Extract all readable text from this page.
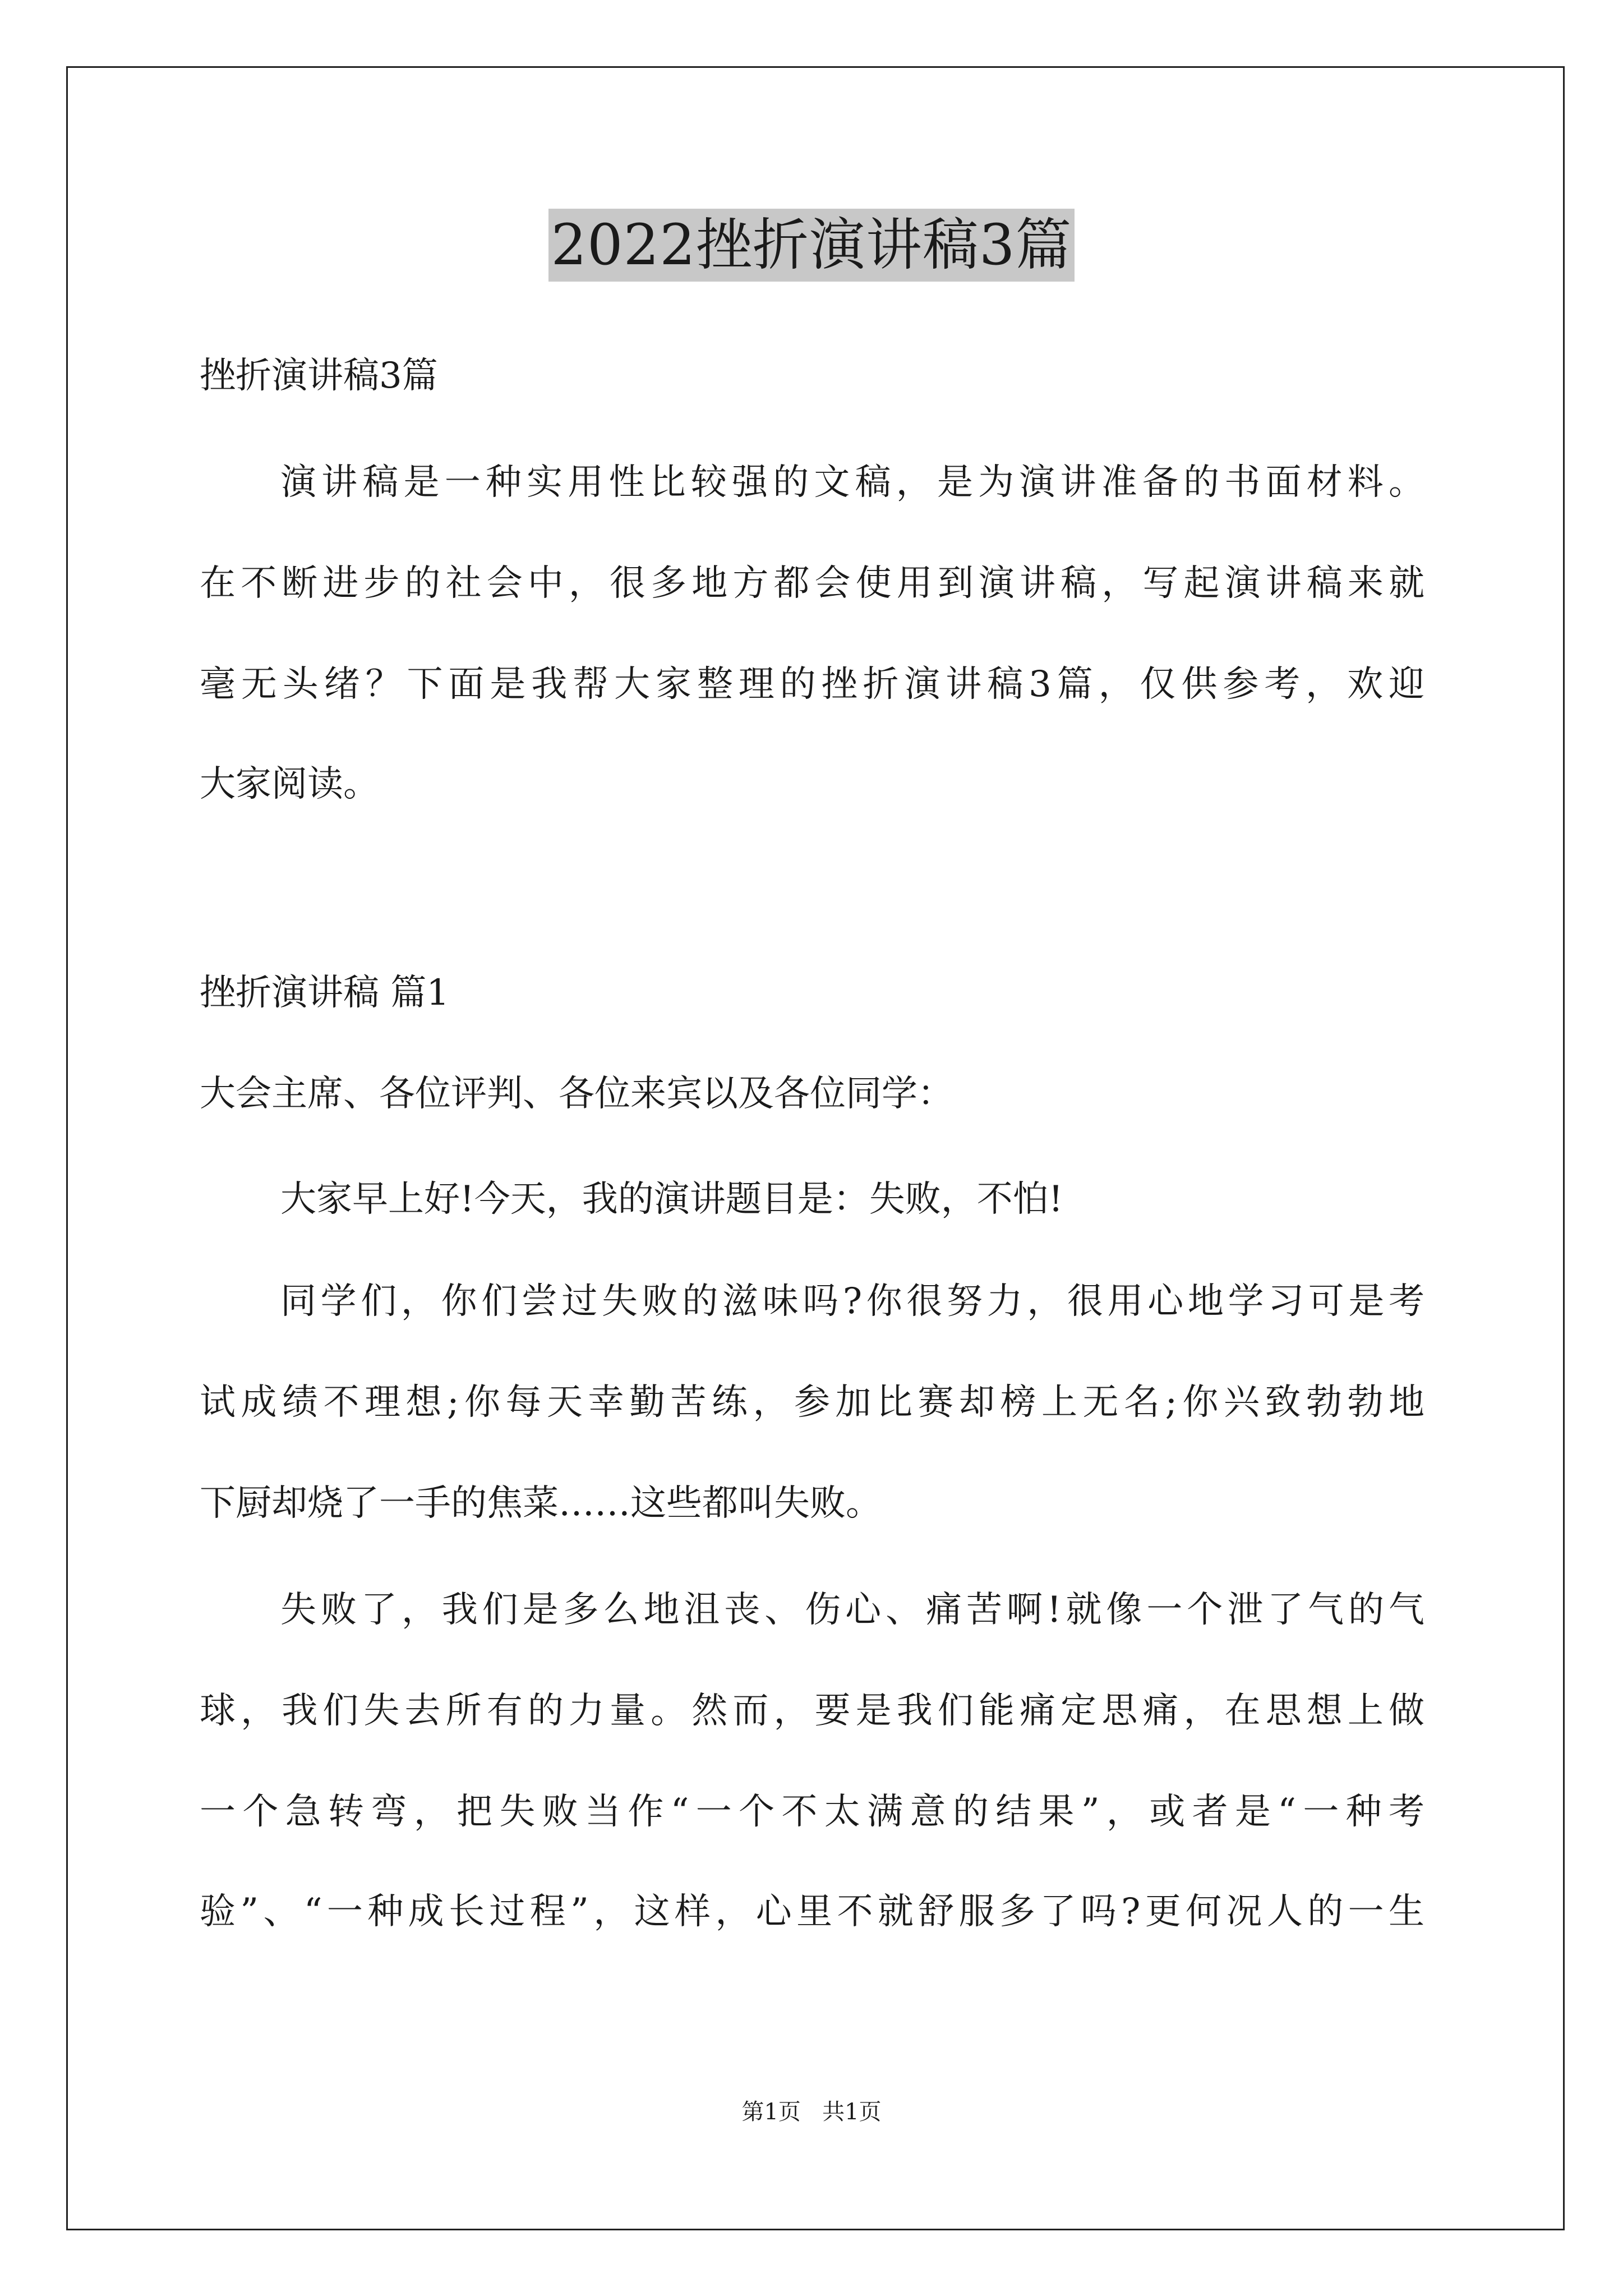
2022挫折演讲稿3篇
挫折演讲稿3篇
演讲稿是一种实用性比较强的文稿，是为演讲准备的书面材料。
在不断进步的社会中，很多地方都会使用到演讲稿，写起演讲稿来就
毫无头绪？下面是我帮大家整理的挫折演讲稿3篇，仅供参考，欢迎
大家阅读。
挫折演讲稿 篇1
大会主席、各位评判、各位来宾以及各位同学：
大家早上好!今天，我的演讲题目是：失败，不怕!
同学们，你们尝过失败的滋味吗?你很努力，很用心地学习可是考
试成绩不理想;你每天幸勤苦练，参加比赛却榜上无名;你兴致勃勃地
下厨却烧了一手的焦菜……这些都叫失败。
失败了，我们是多么地沮丧、伤心、痛苦啊!就像一个泄了气的气
球，我们失去所有的力量。然而，要是我们能痛定思痛，在思想上做
一个急转弯，把失败当作“一个不太满意的结果”，或者是“一种考
验”、“一种成长过程”，这样，心里不就舒服多了吗?更何况人的一生
第1页 共1页
